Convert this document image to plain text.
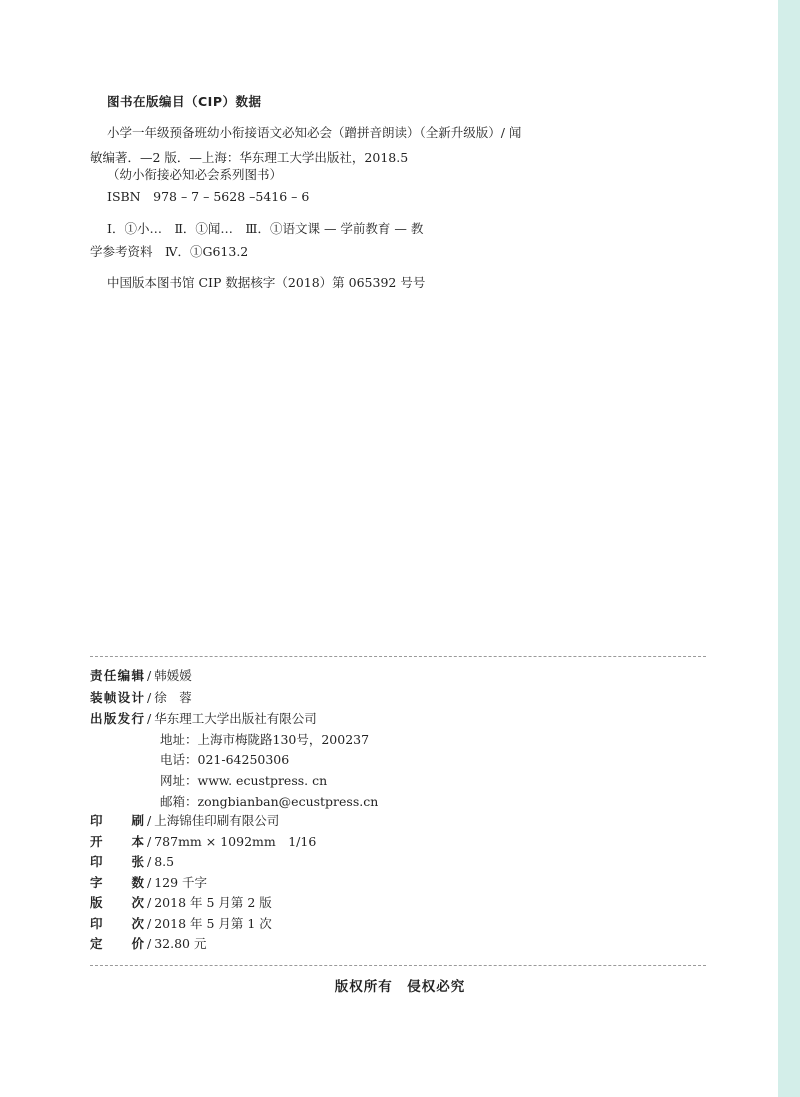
图书在版编目（CIP）数据
小学一年级预备班幼小衔接语文必知必会（蹭拼音朗读）（全新升级版）/ 闻
敏编著．—2 版．—上海：华东理工大学出版社，2018.5
（幼小衔接必知必会系列图书）
ISBN　978 – 7 – 5628 –5416 – 6
Ⅰ．①小…　Ⅱ．①闻…　Ⅲ．①语文课 — 学前教育 — 教
学参考资料　Ⅳ．①G613.2
中国版本图书馆 CIP 数据核字（2018）第 065392 号号
责任编辑 / 韩媛媛
装帧设计 / 徐　蓉
出版发行 / 华东理工大学出版社有限公司
地址：上海市梅陇路130号，200237
电话：021-64250306
网址：www. ecustpress. cn
邮箱：zongbianban@ecustpress.cn
印　刷 / 上海锦佳印刷有限公司
开　本 / 787mm × 1092mm　1/16
印　张 / 8.5
字　数 / 129 千字
版　次 / 2018 年 5 月第 2 版
印　次 / 2018 年 5 月第 1 次
定　价 / 32.80 元
版权所有　侵权必究
